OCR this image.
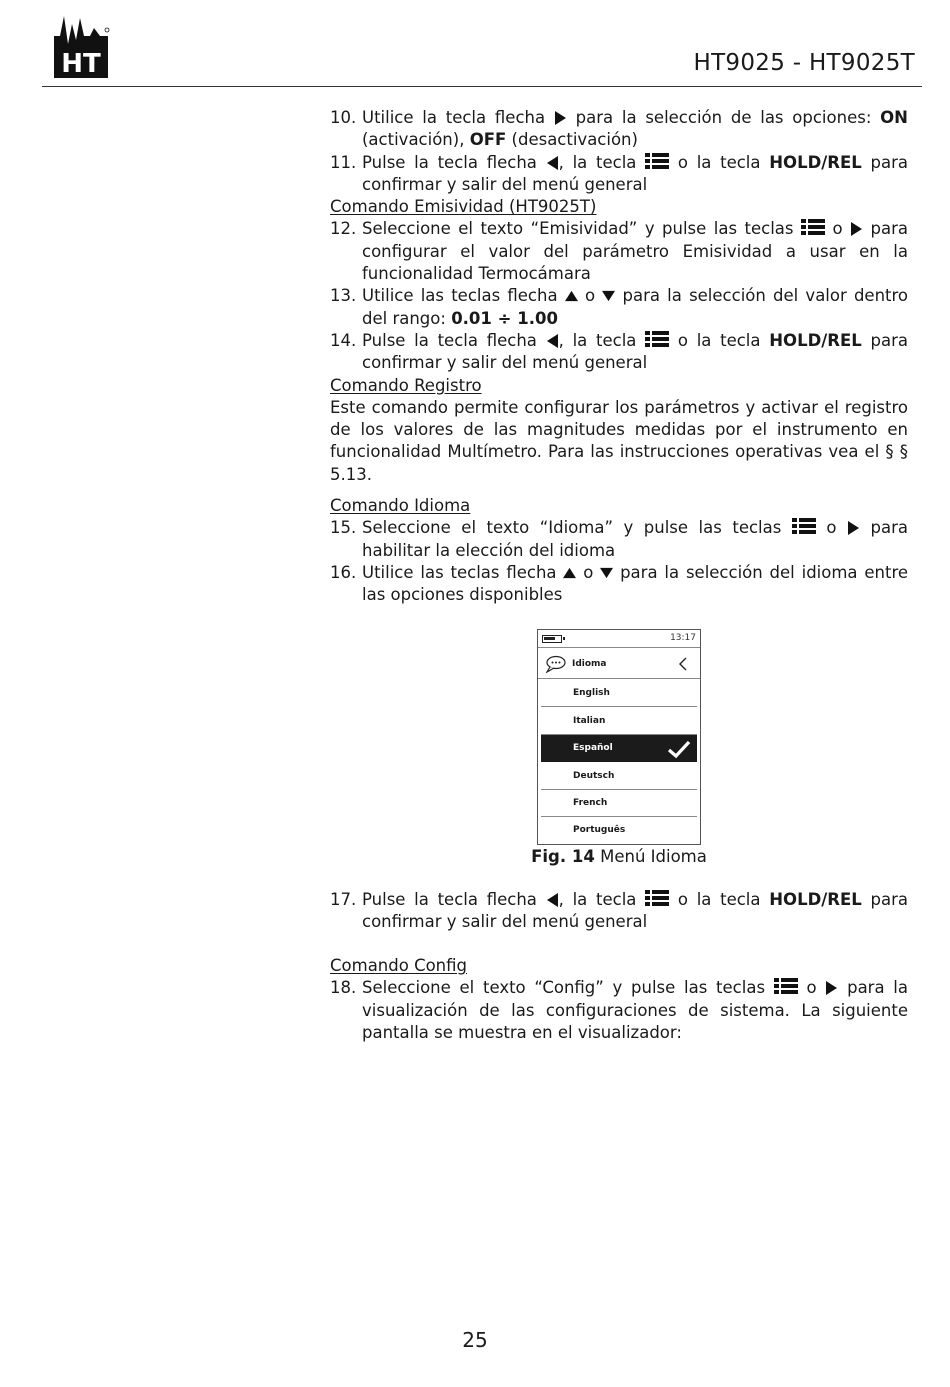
HT	HT9025 - HT9025T
10. Utilice la tecla flecha para la selección de las opciones: ON (activación), OFF (desactivación)
11. Pulse la tecla flecha , la tecla	o la tecla HOLD/REL para confirmar y salir del menú general
Comando Emisividad (HT9025T)
12. Seleccione el texto “Emisividad” y pulse las teclas o para configurar el valor del parámetro Emisividad a usar en la funcionalidad Termocámara
13. Utilice las teclas flecha o para la selección del valor dentro del rango: 0.01 ÷ 1.00
14. Pulse la tecla flecha , la tecla	o la tecla HOLD/REL para confirmar y salir del menú general
Comando Registro
Este comando permite configurar los parámetros y activar el registro de los valores de las magnitudes medidas por el instrumento en funcionalidad Multímetro. Para las instrucciones operativas vea el § § 5.13.
Comando Idioma
15. Seleccione el texto “Idioma” y pulse las teclas	o para habilitar la elección del idioma
16. Utilice las teclas flecha o para la selección del idioma entre las opciones disponibles
17. Pulse la tecla flecha , la tecla	o la tecla HOLD/REL para confirmar y salir del menú general
Comando Config
18. Seleccione el texto “Config” y pulse las teclas	o para la visualización de las configuraciones de sistema. La siguiente pantalla se muestra en el visualizador:
13:17
Idioma
English
Italian
Español
Deutsch
French
Português
Fig. 14 Menú Idioma
25
